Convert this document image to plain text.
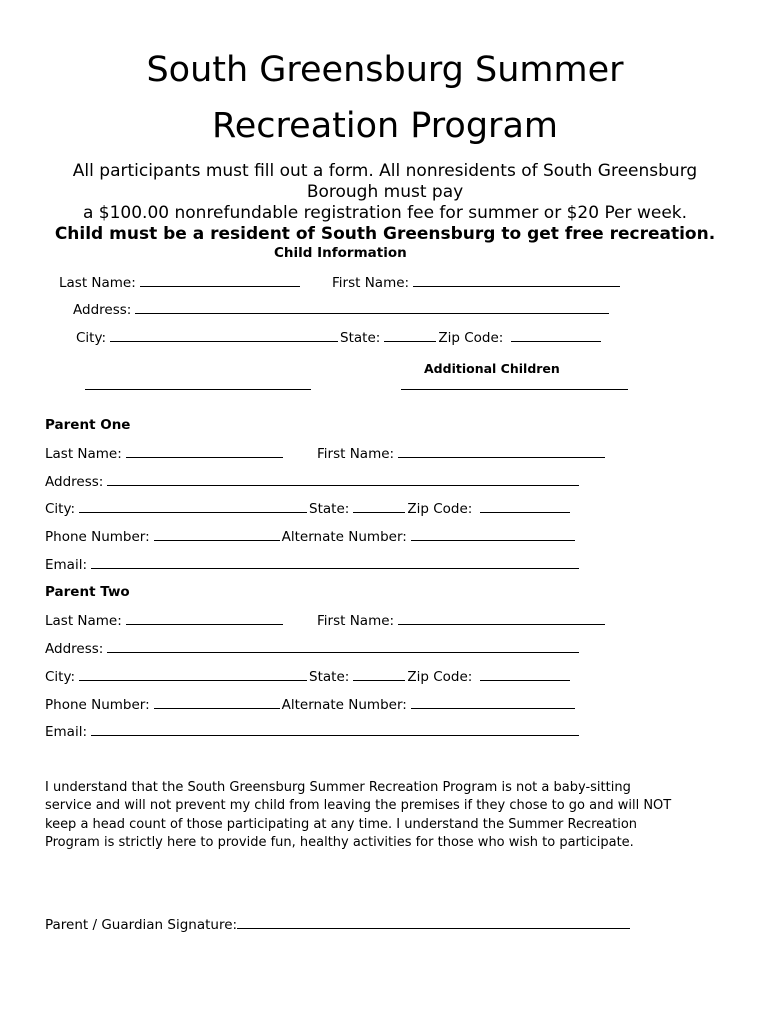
South Greensburg Summer
Recreation Program
All participants must fill out a form. All nonresidents of South Greensburg
Borough must pay
a $100.00 nonrefundable registration fee for summer or $20 Per week.
Child must be a resident of South Greensburg to get free recreation.
Child Information
Last Name:	First Name:
Address:
City:	State:	Zip Code:
Additional Children
Parent One
Last Name:	First Name:
Address:
City:	State:	Zip Code:
Phone Number:	Alternate Number:
Email:
Parent Two
Last Name:	First Name:
Address:
City:	State:	Zip Code:
Phone Number:	Alternate Number:
Email:
I understand that the South Greensburg Summer Recreation Program is not a baby-sitting
service and will not prevent my child from leaving the premises if they chose to go and will NOT
keep a head count of those participating at any time. I understand the Summer Recreation
Program is strictly here to provide fun, healthy activities for those who wish to participate.
Parent / Guardian Signature:
